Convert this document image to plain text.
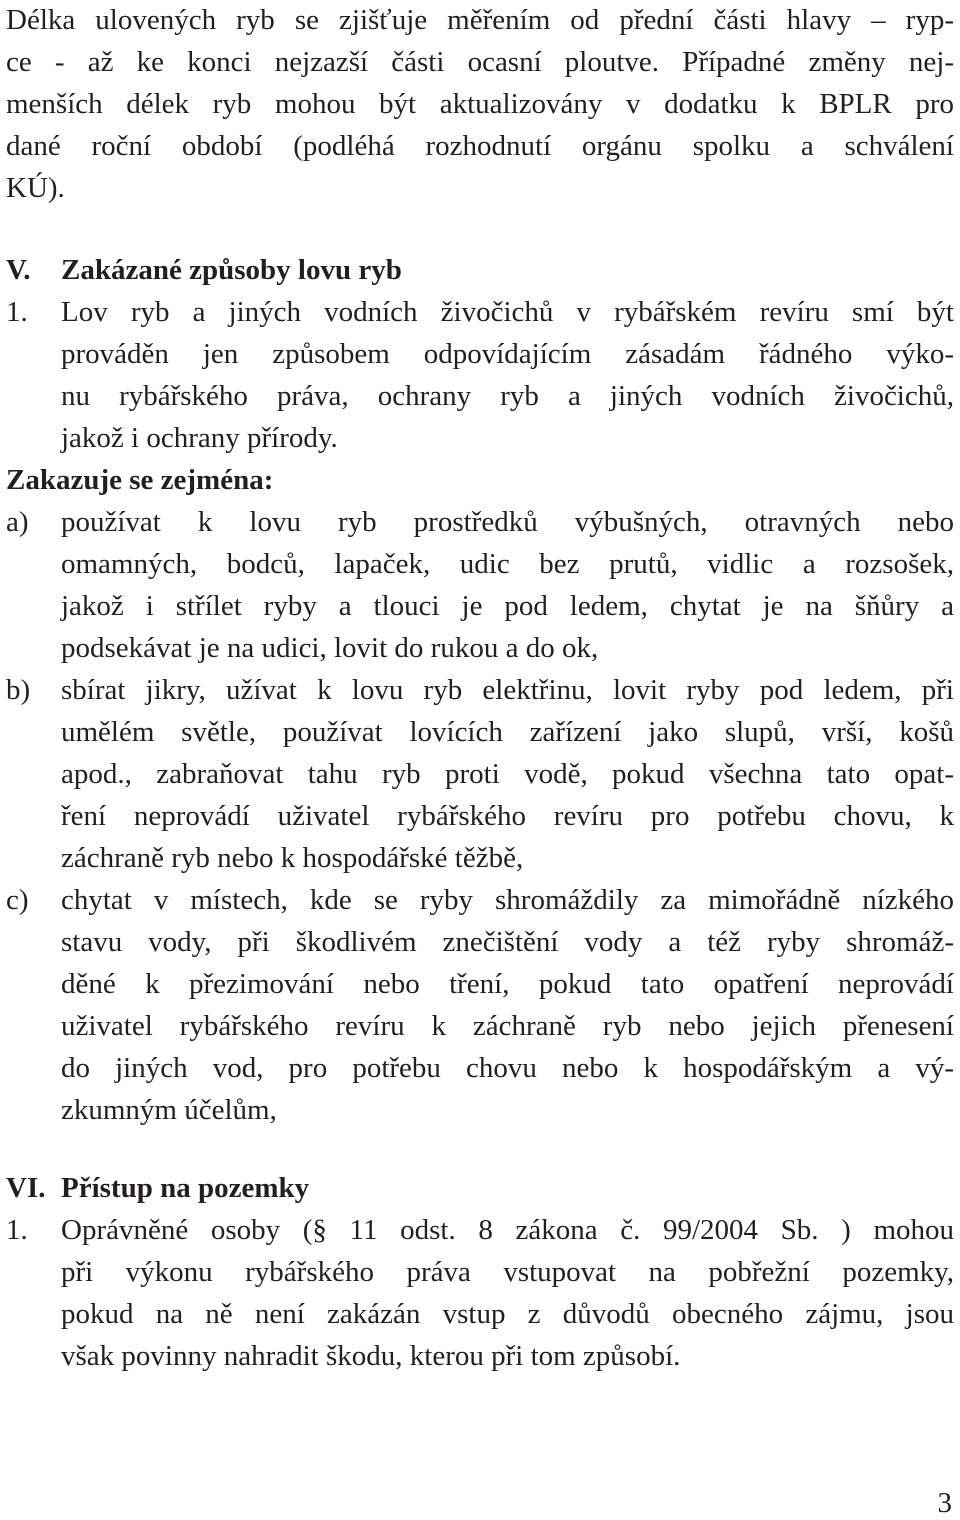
Délka ulovených ryb se zjišťuje měřením od přední části hlavy – ryp-
ce - až ke konci nejzazší části ocasní ploutve. Případné změny nej-
menších délek ryb mohou být aktualizovány v dodatku k BPLR pro
dané roční období (podléhá rozhodnutí orgánu spolku a schválení
KÚ).
V. Zakázané způsoby lovu ryb
1. Lov ryb a jiných vodních živočichů v rybářském revíru smí být
prováděn jen způsobem odpovídajícím zásadám řádného výko-
nu rybářského práva, ochrany ryb a jiných vodních živočichů,
jakož i ochrany přírody.
Zakazuje se zejména:
a) používat k lovu ryb prostředků výbušných, otravných nebo
omamných, bodců, lapaček, udic bez prutů, vidlic a rozsošek,
jakož i střílet ryby a tlouci je pod ledem, chytat je na šňůry a
podsekávat je na udici, lovit do rukou a do ok,
b) sbírat jikry, užívat k lovu ryb elektřinu, lovit ryby pod ledem, při
umělém světle, používat lovících zařízení jako slupů, vrší, košů
apod., zabraňovat tahu ryb proti vodě, pokud všechna tato opat-
ření neprovádí uživatel rybářského revíru pro potřebu chovu, k
záchraně ryb nebo k hospodářské těžbě,
c) chytat v místech, kde se ryby shromáždily za mimořádně nízkého
stavu vody, při škodlivém znečištění vody a též ryby shromáž-
děné k přezimování nebo tření, pokud tato opatření neprovádí
uživatel rybářského revíru k záchraně ryb nebo jejich přenesení
do jiných vod, pro potřebu chovu nebo k hospodářským a vý-
zkumným účelům,
VI. Přístup na pozemky
1. Oprávněné osoby (§ 11 odst. 8 zákona č. 99/2004 Sb. ) mohou
při výkonu rybářského práva vstupovat na pobřežní pozemky,
pokud na ně není zakázán vstup z důvodů obecného zájmu, jsou
však povinny nahradit škodu, kterou při tom způsobí.
3
